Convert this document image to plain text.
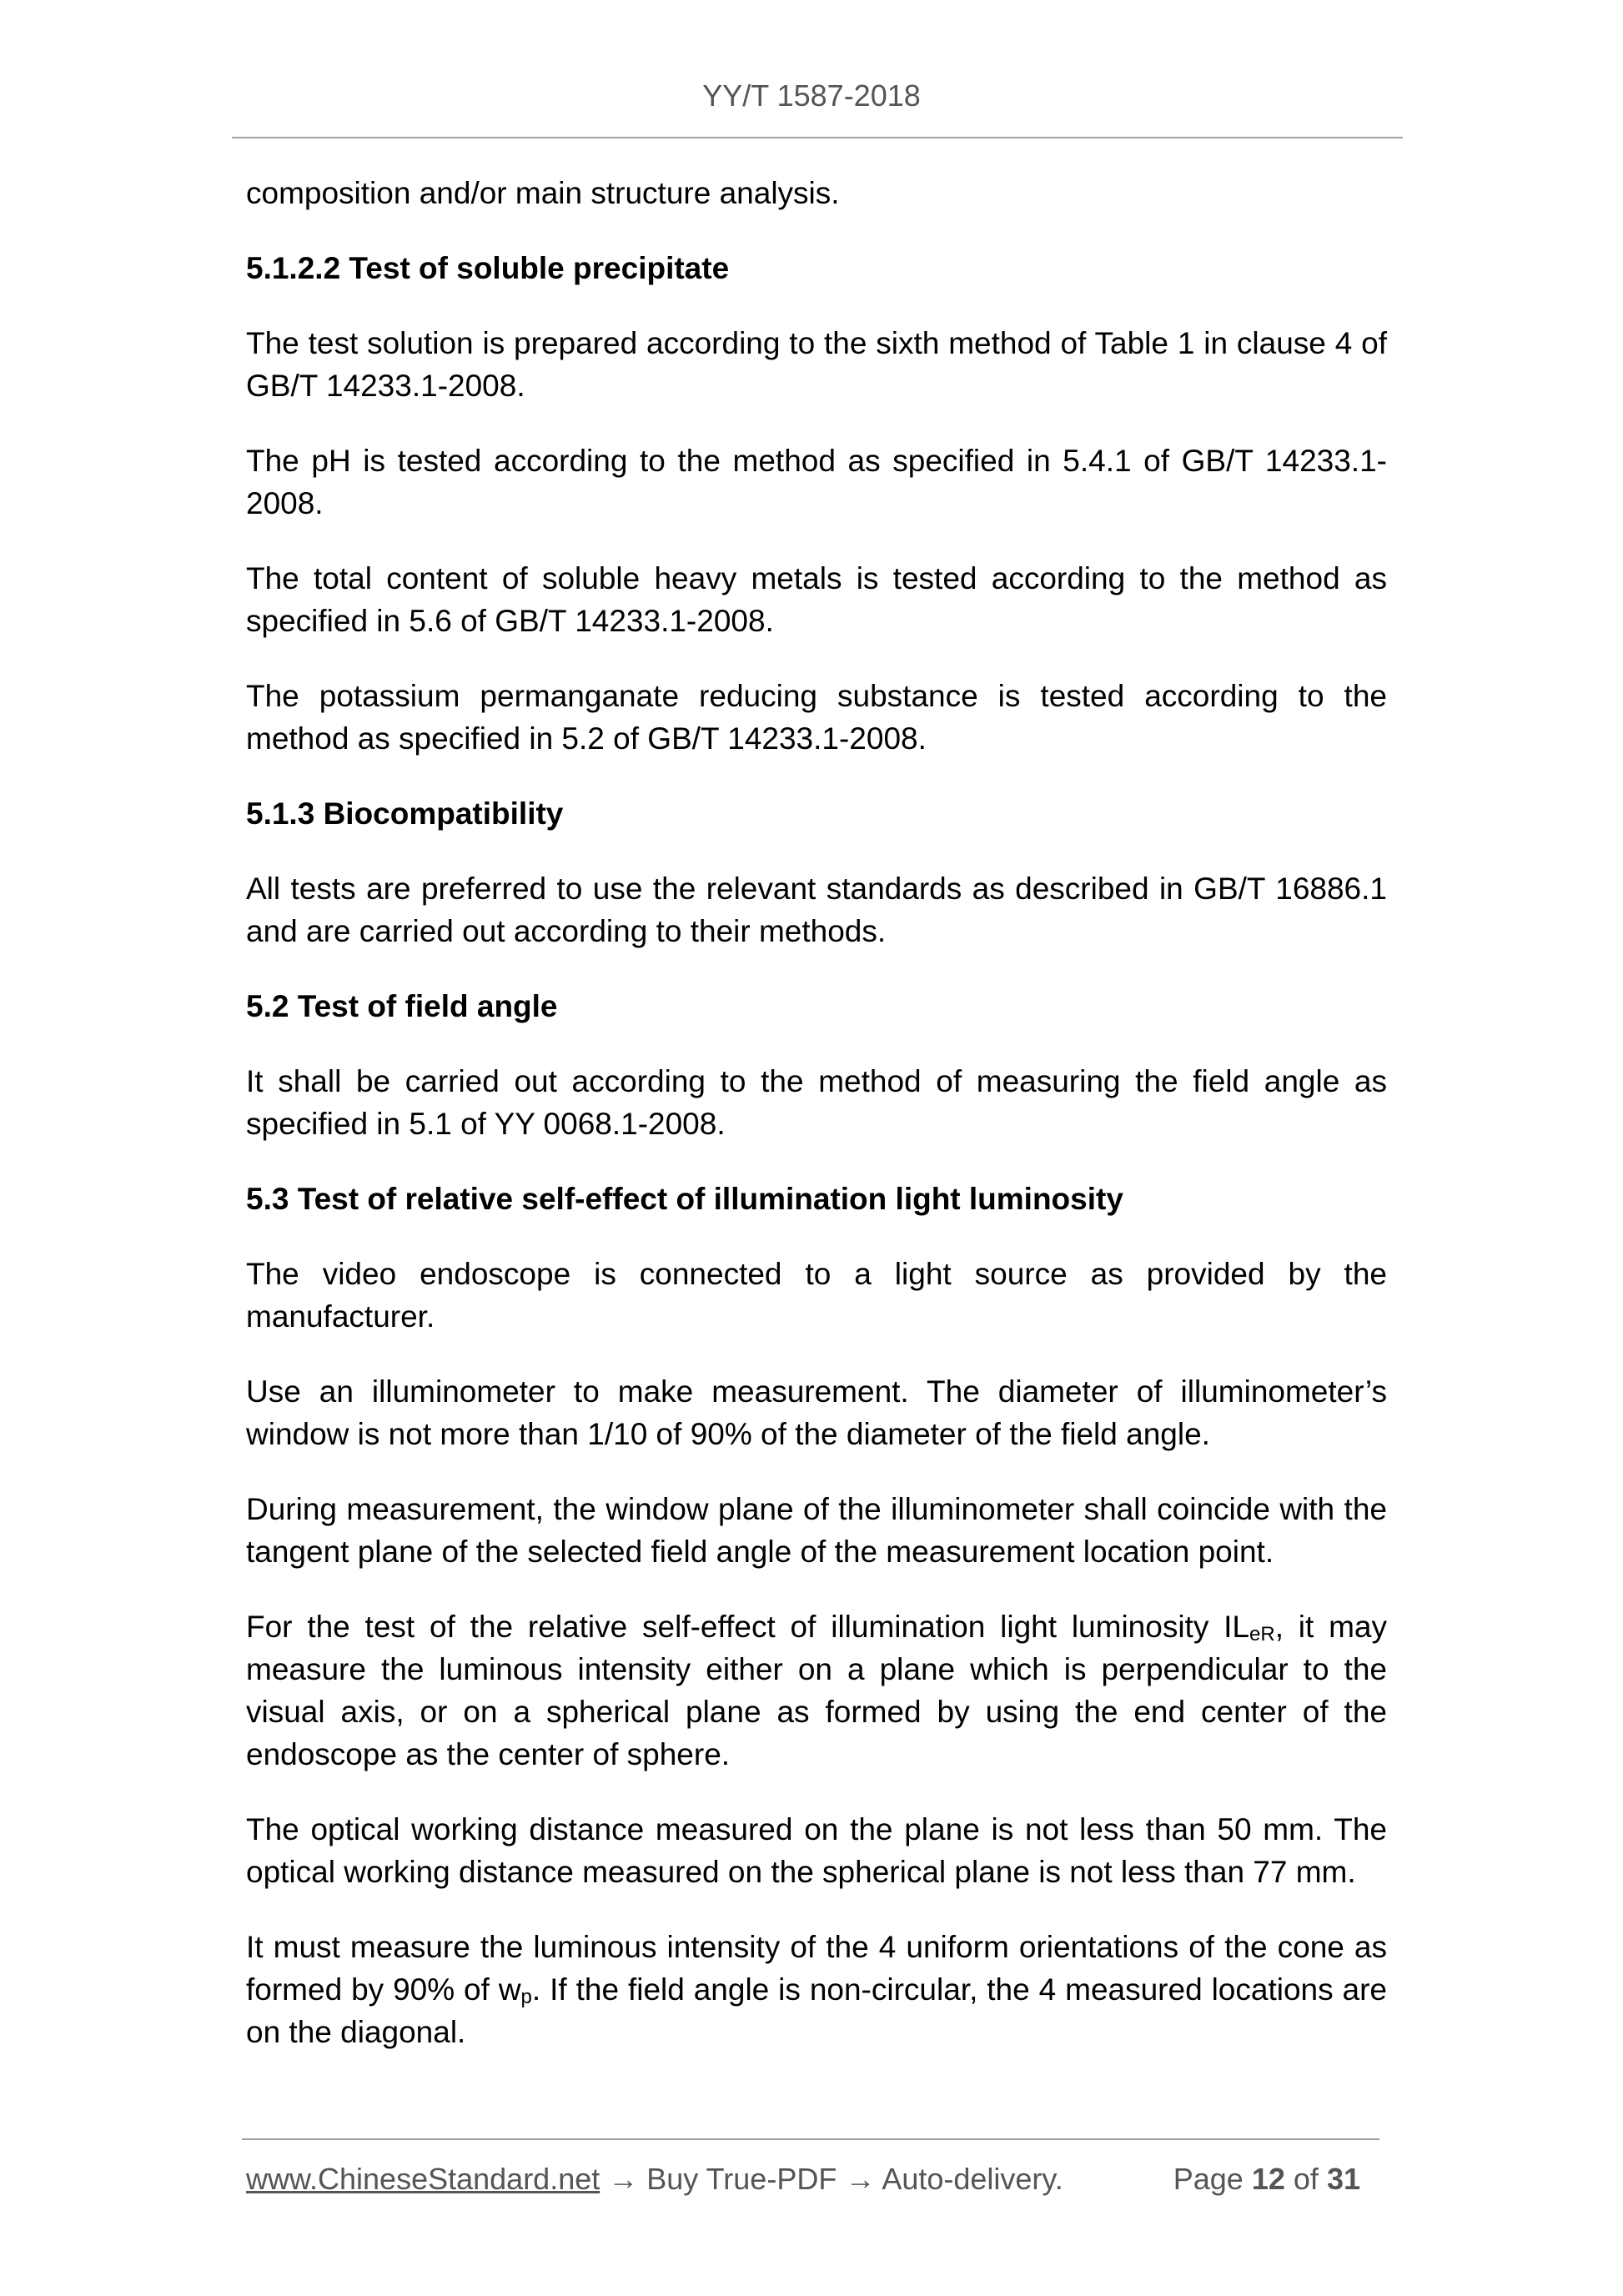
YY/T 1587-2018
composition and/or main structure analysis.
5.1.2.2 Test of soluble precipitate
The test solution is prepared according to the sixth method of Table 1 in clause 4 of GB/T 14233.1-2008.
The pH is tested according to the method as specified in 5.4.1 of GB/T 14233.1-2008.
The total content of soluble heavy metals is tested according to the method as specified in 5.6 of GB/T 14233.1-2008.
The potassium permanganate reducing substance is tested according to the method as specified in 5.2 of GB/T 14233.1-2008.
5.1.3 Biocompatibility
All tests are preferred to use the relevant standards as described in GB/T 16886.1 and are carried out according to their methods.
5.2 Test of field angle
It shall be carried out according to the method of measuring the field angle as specified in 5.1 of YY 0068.1-2008.
5.3 Test of relative self-effect of illumination light luminosity
The video endoscope is connected to a light source as provided by the manufacturer.
Use an illuminometer to make measurement. The diameter of illuminometer’s window is not more than 1/10 of 90% of the diameter of the field angle.
During measurement, the window plane of the illuminometer shall coincide with the tangent plane of the selected field angle of the measurement location point.
For the test of the relative self-effect of illumination light luminosity $IL_{eR}$, it may measure the luminous intensity either on a plane which is perpendicular to the visual axis, or on a spherical plane as formed by using the end center of the endoscope as the center of sphere.
The optical working distance measured on the plane is not less than 50 mm. The optical working distance measured on the spherical plane is not less than 77 mm.
It must measure the luminous intensity of the 4 uniform orientations of the cone as formed by 90% of $w_p$. If the field angle is non-circular, the 4 measured locations are on the diagonal.
www.ChineseStandard.net → Buy True-PDF → Auto-delivery.	Page 12 of 31
